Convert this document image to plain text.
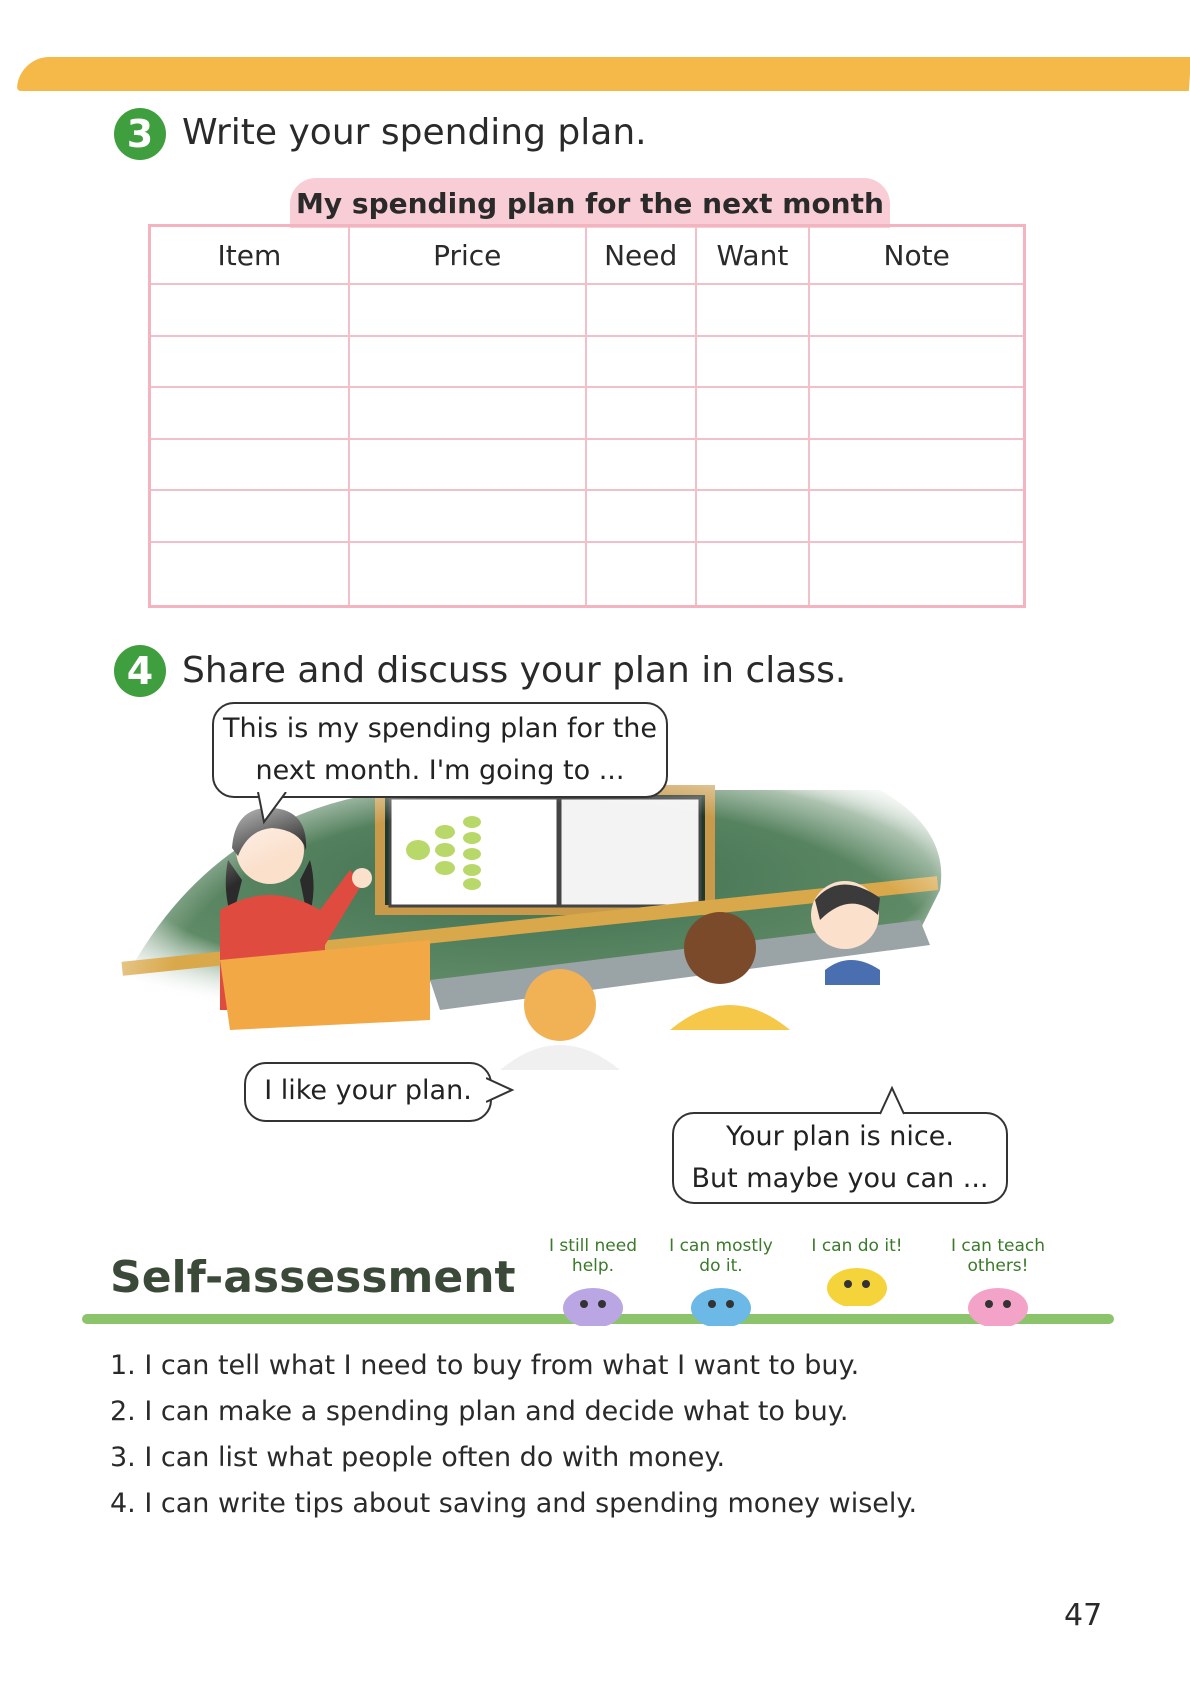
3 Write your spending plan.
My spending plan for the next month
Item	Price	Need	Want	Note

4 Share and discuss your plan in class.
This is my spending plan for the
next month. I'm going to ...
I like your plan.
Your plan is nice.
But maybe you can ...
Self-assessment
I still need help.
I can mostly do it.
I can do it!	I can teach others!
1. I can tell what I need to buy from what I want to buy.
2. I can make a spending plan and decide what to buy.
3. I can list what people often do with money.
4. I can write tips about saving and spending money wisely.
47
